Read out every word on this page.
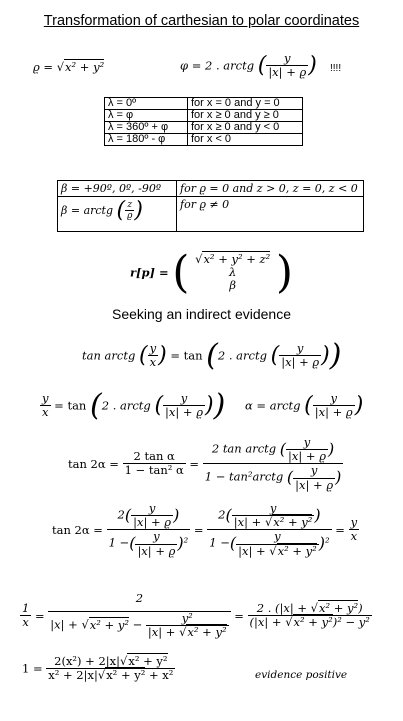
Transformation of carthesian to polar coordinates
ϱ = √x² + y²	φ = 2 . arctg ( $\frac{y}{|x| + ϱ}$ ) !!!!
λ = 0º	for x = 0 and y = 0
λ = φ	for x ≥ 0 and y ≥ 0
λ = 360º + φ	for x ≥ 0 and y < 0
λ = 180º - φ	for x < 0
β = +90º, 0º, -90º	for ϱ = 0 and z > 0, z = 0, z < 0
β = arctg ( $\frac{z}{ϱ}$ )	for ϱ ≠ 0
r[p] = ( √x² + y² + z²
λ
β )
Seeking an indirect evidence
tan arctg ( $\frac{y}{x}$ ) = tan (2 . arctg ( $\frac{y}{|x| + ϱ}$ ))
$\frac{y}{x} = \tan (2$ . arctg ( $\frac{y}{|x| + ϱ}$ )) α = arctg ( $\frac{y}{|x| + ϱ}$ )
$\tan 2\alpha = \frac{\text{2 tan α}}{\text{1 − tan² α}} = \frac{2 \tan arctg ( \frac{y}{|x| + ϱ} )}{1 - \tan^2arctg ( \frac{y}{|x| + ϱ} )}$
$\tan 2\alpha = \frac{2( \frac{y}{|x| + ϱ} )}{1 -( \frac{y}{|x| + ϱ} )^2} = \frac{2( \frac{y}{\text{|x| + √x² + y²}} )}{1 -( \frac{y}{\text{|x| + √x² + y²}} )^2} = \frac{y}{x}$
$\frac{1}{x} = \frac{2}{|x| + √x^2 + y^2 - \frac{\text{y²}}{\text{|x| + √x² + y²}}} = \frac{\text{2 . (|x| + √x² + y²)}}{\text{(|x| + √x² + y²)² − y²}}$
$1 = \frac{\text{2(x²) + 2|x|√x² + y²}}{\text{x² + 2|x|√x² + y² + x²}}$	evidence positive
